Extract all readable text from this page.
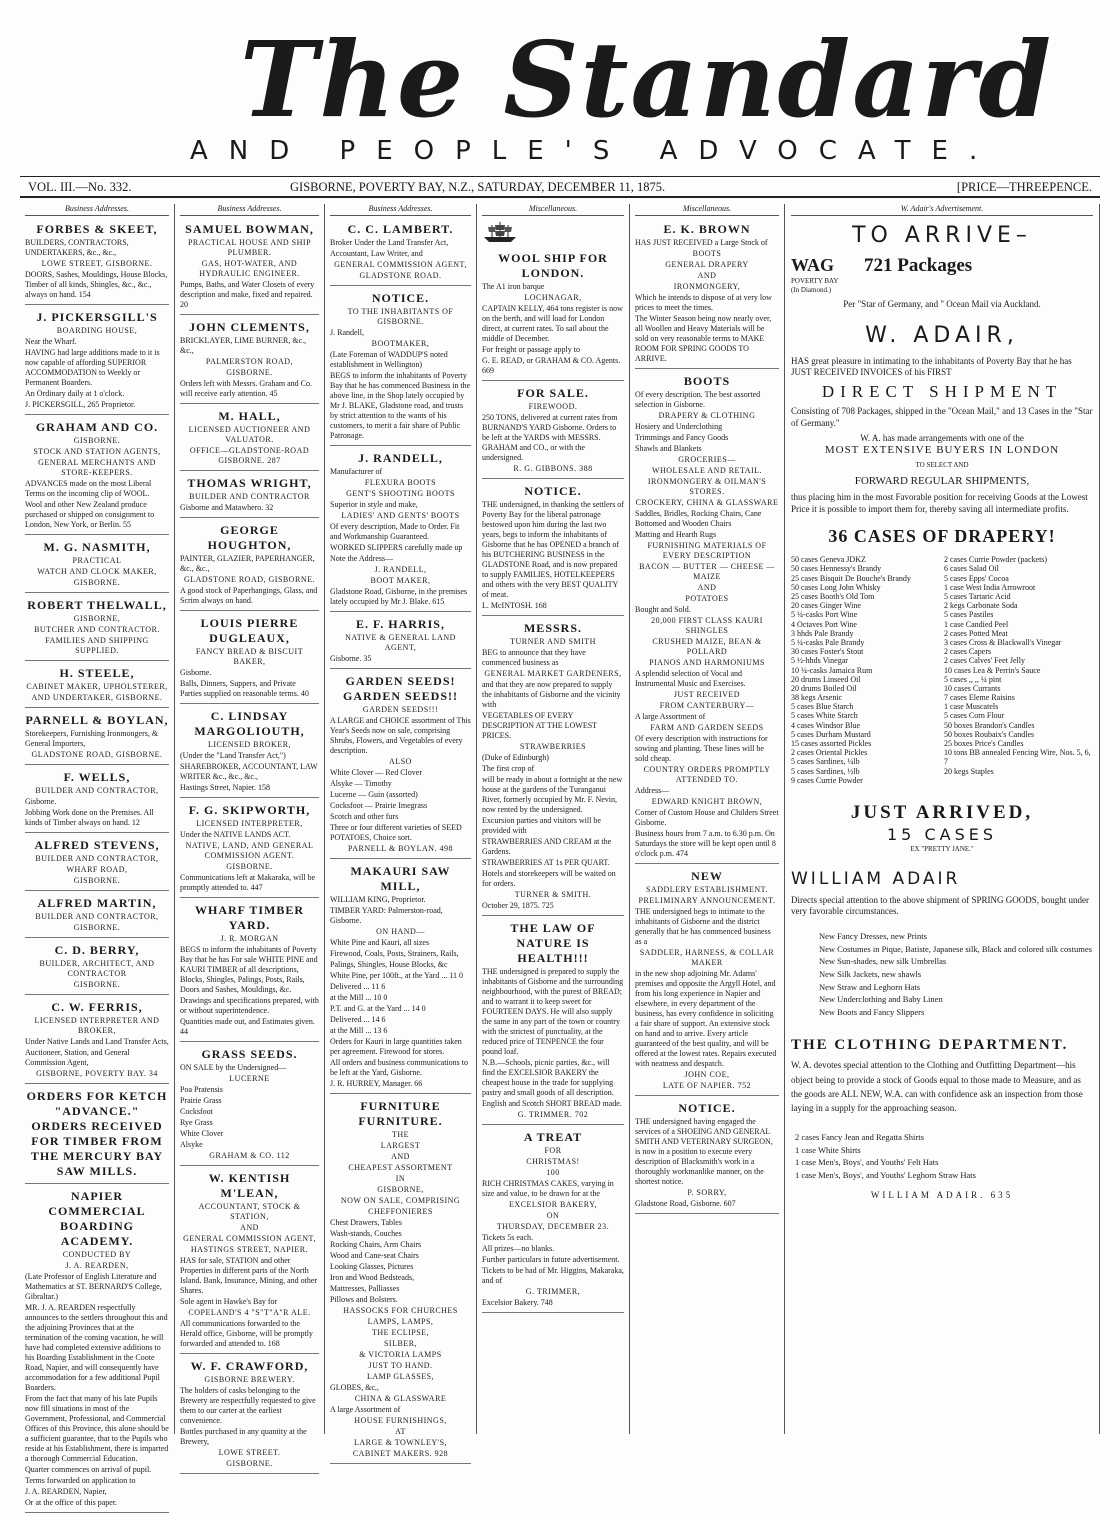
The Standard
AND PEOPLE'S ADVOCATE.
VOL. III.—No. 332.	GISBORNE, POVERTY BAY, N.Z., SATURDAY, DECEMBER 11, 1875.	[PRICE—THREEPENCE.
Business Addresses.

FORBES & SKEET,

BUILDERS, CONTRACTORS, UNDERTAKERS, &c., &c.,

LOWE STREET, GISBORNE.

DOORS, Sashes, Mouldings, House Blocks, Timber of all kinds, Shingles, &c., &c., always on hand. 154

J. PICKERSGILL'S

BOARDING HOUSE,

Near the Wharf.

HAVING had large additions made to it is now capable of affording SUPERIOR ACCOMMODATION to Weekly or Permanent Boarders.

An Ordinary daily at 1 o'clock.

J. PICKERSGILL, 265 Proprietor.

GRAHAM AND CO.

GISBORNE.

STOCK AND STATION AGENTS,

GENERAL MERCHANTS AND STORE-KEEPERS.

ADVANCES made on the most Liberal Terms on the incoming clip of WOOL.

Wool and other New Zealand produce purchased or shipped on consignment to London, New York, or Berlin. 55

M. G. NASMITH,

PRACTICAL

WATCH AND CLOCK MAKER,

GISBORNE.

ROBERT THELWALL,

GISBORNE,

BUTCHER AND CONTRACTOR.

FAMILIES AND SHIPPING SUPPLIED.

H. STEELE,

CABINET MAKER, UPHOLSTERER,

AND UNDERTAKER, GISBORNE.

PARNELL & BOYLAN,

Storekeepers, Furnishing Ironmongers, & General Importers,

GLADSTONE ROAD, GISBORNE.

F. WELLS,

BUILDER AND CONTRACTOR,

Gisborne.

Jobbing Work done on the Premises. All kinds of Timber always on hand. 12

ALFRED STEVENS,

BUILDER AND CONTRACTOR,

WHARF ROAD,

GISBORNE.

ALFRED MARTIN,

BUILDER AND CONTRACTOR,

GISBORNE.

C. D. BERRY,

BUILDER, ARCHITECT, AND CONTRACTOR

GISBORNE.

C. W. FERRIS,

LICENSED INTERPRETER AND BROKER,

Under Native Lands and Land Transfer Acts,

Auctioneer, Station, and General Commission Agent,

GISBORNE, POVERTY BAY. 34

ORDERS FOR KETCH "ADVANCE." ORDERS RECEIVED FOR TIMBER FROM THE MERCURY BAY SAW MILLS.

NAPIER COMMERCIAL BOARDING ACADEMY.

CONDUCTED BY

J. A. REARDEN,

(Late Professor of English Literature and Mathematics at ST. BERNARD'S College, Gibraltar.)

MR. J. A. REARDEN respectfully announces to the settlers throughout this and the adjoining Provinces that at the termination of the coming vacation, he will have had completed extensive additions to his Boarding Establishment in the Coote Road, Napier, and will consequently have accommodation for a few additional Pupil Boarders.

From the fact that many of his late Pupils now fill situations in most of the Government, Professional, and Commercial Offices of this Province, this alone should be a sufficient guarantee, that to the Pupils who reside at his Establishment, there is imparted a thorough Commercial Education.

Quarter commences on arrival of pupil.

Terms forwarded on application to

J. A. REARDEN, Napier,

Or at the office of this paper.

Business Addresses.

SAMUEL BOWMAN,

PRACTICAL HOUSE AND SHIP PLUMBER.

GAS, HOT-WATER, AND HYDRAULIC ENGINEER.

Pumps, Baths, and Water Closets of every description and make, fixed and repaired. 20

JOHN CLEMENTS,

BRICKLAYER, LIME BURNER, &c., &c.,

PALMERSTON ROAD,

GISBORNE.

Orders left with Messrs. Graham and Co. will receive early attention. 45

M. HALL,

LICENSED AUCTIONEER AND VALUATOR.

OFFICE—GLADSTONE-ROAD GISBORNE. 287

THOMAS WRIGHT,

BUILDER AND CONTRACTOR

Gisborne and Matawhero. 32

GEORGE HOUGHTON,

PAINTER, GLAZIER, PAPERHANGER, &c., &c.,

GLADSTONE ROAD, GISBORNE.

A good stock of Paperhangings, Glass, and Scrim always on hand.

LOUIS PIERRE DUGLEAUX,

FANCY BREAD & BISCUIT BAKER,

Gisborne.

Balls, Dinners, Suppers, and Private Parties supplied on reasonable terms. 40

C. LINDSAY MARGOLIOUTH,

LICENSED BROKER,

(Under the "Land Transfer Act,")

SHAREBROKER, ACCOUNTANT, LAW WRITER &c., &c., &c.,

Hastings Street, Napier. 158

F. G. SKIPWORTH,

LICENSED INTERPRETER,

Under the NATIVE LANDS ACT.

NATIVE, LAND, AND GENERAL COMMISSION AGENT.

GISBORNE.

Communications left at Makaraka, will be promptly attended to. 447

WHARF TIMBER YARD.

J. R. MORGAN

BEGS to inform the inhabitants of Poverty Bay that he has For sale WHITE PINE and KAURI TIMBER of all descriptions, Blocks, Shingles, Palings, Posts, Rails, Doors and Sashes, Mouldings, &c.

Drawings and specifications prepared, with or without superintendence.

Quantities made out, and Estimates given. 44

GRASS SEEDS.

ON SALE by the Undersigned—

LUCERNE

Poa Pratensis

Prairie Grass

Cocksfoot

Rye Grass

White Clover

Alsyke

GRAHAM & CO. 112

W. KENTISH M'LEAN,

ACCOUNTANT, STOCK & STATION,

AND

GENERAL COMMISSION AGENT,

HASTINGS STREET, NAPIER.

HAS for sale, STATION and other Properties in different parts of the North Island. Bank, Insurance, Mining, and other Shares.

Sole agent in Hawke's Bay for

COPELAND'S 4 "S"T"A"R ALE.

All communications forwarded to the Herald office, Gisborne, will be promptly forwarded and attended to. 168

W. F. CRAWFORD,

GISBORNE BREWERY.

The holders of casks belonging to the Brewery are respectfully requested to give them to our carter at the earliest convenience.

Bottles purchased in any quantity at the Brewery,

LOWE STREET.

GISBORNE.

Business Addresses.

C. C. LAMBERT.

Broker Under the Land Transfer Act,

Accountant, Law Writer, and

GENERAL COMMISSION AGENT,

GLADSTONE ROAD.

NOTICE.

TO THE INHABITANTS OF GISBORNE.

J. Randell,

BOOTMAKER,

(Late Foreman of WADDUP'S noted establishment in Wellington)

BEGS to inform the inhabitants of Poverty Bay that he has commenced Business in the above line, in the Shop lately occupied by Mr J. BLAKE, Gladstone road, and trusts by strict attention to the wants of his customers, to merit a fair share of Public Patronage.

J. RANDELL,

Manufacturer of

FLEXURA BOOTS

GENT'S SHOOTING BOOTS

Superior in style and make,

LADIES' AND GENTS' BOOTS

Of every description, Made to Order. Fit and Workmanship Guaranteed.

WORKED SLIPPERS carefully made up

Note the Address—

J. RANDELL,

BOOT MAKER,

Gladstone Road, Gisborne, in the premises lately occupied by Mr J. Blake. 615

E. F. HARRIS,

NATIVE & GENERAL LAND AGENT,

Gisborne. 35

GARDEN SEEDS! GARDEN SEEDS!!

GARDEN SEEDS!!!

A LARGE and CHOICE assortment of This Year's Seeds now on sale, comprising Shrubs, Flowers, and Vegetables of every description.

ALSO

White Clover — Red Clover

Alsyke — Timothy

Lucerne — Guin (assorted)

Cocksfoot — Prairie Imegrass

Scotch and other furs

Three or four different varieties of SEED POTATOES, Choice sort.

PARNELL & BOYLAN. 498

MAKAURI SAW MILL,

WILLIAM KING, Proprietor.

TIMBER YARD: Palmerston-road, Gisborne.

ON HAND—

White Pine and Kauri, all sizes

Firewood, Coals, Posts, Strainers, Rails,

Palings, Shingles, House Blocks, &c

White Pine, per 100ft., at the Yard ... 11 0

Delivered ... 11 6

at the Mill ... 10 0

P.T. and G. at the Yard ... 14 0

Delivered ... 14 6

at the Mill ... 13 6

Orders for Kauri in large quantities taken per agreement. Firewood for stores.

All orders and business communications to be left at the Yard, Gisborne.

J. R. HURREY, Manager. 66

FURNITURE FURNITURE.

THE

LARGEST

AND

CHEAPEST ASSORTMENT

IN

GISBORNE,

NOW ON SALE, COMPRISING

CHEFFONIERES

Chest Drawers, Tables

Wash-stands, Couches

Rocking Chairs, Arm Chairs

Wood and Cane-seat Chairs

Looking Glasses, Pictures

Iron and Wood Bedsteads,

Mattresses, Palliasses

Pillows and Bolsters.

HASSOCKS FOR CHURCHES

LAMPS, LAMPS,

THE ECLIPSE,

SILBER,

& VICTORIA LAMPS

JUST TO HAND.

LAMP GLASSES,

GLOBES, &c.,

CHINA & GLASSWARE

A large Assortment of

HOUSE FURNISHINGS,

AT

LARGE & TOWNLEY'S,

CABINET MAKERS. 928

Miscellaneous.

WOOL SHIP FOR LONDON.

The A1 iron barque

LOCHNAGAR,

CAPTAIN KELLY, 464 tons register is now on the berth, and will load for London direct, at current rates. To sail about the middle of December.

For freight or passage apply to

G. E. READ, or GRAHAM & CO. Agents. 669

FOR SALE.

FIREWOOD.

250 TONS, delivered at current rates from BURNAND'S YARD Gisborne. Orders to be left at the YARDS with MESSRS. GRAHAM and CO., or with the undersigned.

R. G. GIBBONS. 388

NOTICE.

THE undersigned, in thanking the settlers of Poverty Bay for the liberal patronage bestowed upon him during the last two years, begs to inform the inhabitants of Gisborne that he has OPENED a branch of his BUTCHERING BUSINESS in the GLADSTONE Road, and is now prepared to supply FAMILIES, HOTELKEEPERS and others with the very BEST QUALITY of meat.

L. McINTOSH. 168

MESSRS.

TURNER AND SMITH

BEG to announce that they have commenced business as

GENERAL MARKET GARDENERS,

and that they are now prepared to supply the inhabitants of Gisborne and the vicinity with

VEGETABLES OF EVERY DESCRIPTION AT THE LOWEST PRICES.

STRAWBERRIES

(Duke of Edinburgh)

The first crop of

will be ready in about a fortnight at the new house at the gardens of the Turanganui River, formerly occupied by Mr. F. Nevin, now rented by the undersigned.

Excursion parties and visitors will be provided with

STRAWBERRIES AND CREAM at the Gardens.

STRAWBERRIES AT 1s PER QUART.

Hotels and storekeepers will be waited on for orders.

TURNER & SMITH.

October 29, 1875. 725

THE LAW OF NATURE IS HEALTH!!!

THE undersigned is prepared to supply the inhabitants of Gisborne and the surrounding neighbourhood, with the purest of BREAD; and to warrant it to keep sweet for FOURTEEN DAYS. He will also supply the same in any part of the town or country with the strictest of punctuality, at the reduced price of TENPENCE the four pound loaf.

N.B.—Schools, picnic parties, &c., will find the EXCELSIOR BAKERY the cheapest house in the trade for supplying pastry and small goods of all description.

English and Scotch SHORT BREAD made.

G. TRIMMER. 702

A TREAT

FOR

CHRISTMAS!

100

RICH CHRISTMAS CAKES, varying in size and value, to be drawn for at the

EXCELSIOR BAKERY,

ON

THURSDAY, DECEMBER 23.

Tickets 5s each.

All prizes—no blanks.

Further particulars in future advertisement.

Tickets to be had of Mr. Higgins, Makaraka, and of

G. TRIMMER,

Excelsior Bakery. 748

Miscellaneous.

E. K. BROWN

HAS JUST RECEIVED a Large Stock of

BOOTS

GENERAL DRAPERY

AND

IRONMONGERY,

Which he intends to dispose of at very low prices to meet the times.

The Winter Season being now nearly over, all Woollen and Heavy Materials will be sold on very reasonable terms to MAKE ROOM FOR SPRING GOODS TO ARRIVE.

BOOTS

Of every description. The best assorted selection in Gisborne.

DRAPERY & CLOTHING

Hosiery and Underclothing

Trimmings and Fancy Goods

Shawls and Blankets

GROCERIES—

WHOLESALE AND RETAIL.

IRONMONGERY & OILMAN'S STORES.

CROCKERY, CHINA & GLASSWARE

Saddles, Bridles, Rocking Chairs, Cane Bottomed and Wooden Chairs

Matting and Hearth Rugs

FURNISHING MATERIALS OF EVERY DESCRIPTION

BACON — BUTTER — CHEESE — MAIZE

AND

POTATOES

Bought and Sold.

20,000 FIRST CLASS KAURI SHINGLES

CRUSHED MAIZE, BEAN & POLLARD

PIANOS AND HARMONIUMS

A splendid selection of Vocal and Instrumental Music and Exercises.

JUST RECEIVED

FROM CANTERBURY—

A large Assortment of

FARM AND GARDEN SEEDS

Of every description with instructions for sowing and planting. These lines will be sold cheap.

COUNTRY ORDERS PROMPTLY ATTENDED TO.

Address—

EDWARD KNIGHT BROWN,

Corner of Custom House and Childers Street Gisborne.

Business hours from 7 a.m. to 6.30 p.m. On Saturdays the store will be kept open until 8 o'clock p.m. 474

NEW

SADDLERY ESTABLISHMENT.

PRELIMINARY ANNOUNCEMENT.

THE undersigned begs to intimate to the inhabitants of Gisborne and the district generally that he has commenced business as a

SADDLER, HARNESS, & COLLAR MAKER

in the new shop adjoining Mr. Adams' premises and opposite the Argyll Hotel, and from his long experience in Napier and elsewhere, in every department of the business, has every confidence in soliciting a fair share of support. An extensive stock on hand and to arrive. Every article guaranteed of the best quality, and will be offered at the lowest rates. Repairs executed with neatness and despatch.

JOHN COE,

LATE OF NAPIER. 752

NOTICE.

THE undersigned having engaged the services of a SHOEING AND GENERAL SMITH AND VETERINARY SURGEON, is now in a position to execute every description of Blacksmith's work in a thoroughly workmanlike manner, on the shortest notice.

P. SORRY,

Gladstone Road, Gisborne. 607

W. Adair's Advertisement.
TO ARRIVE–
WAG 721 Packages
POVERTY BAY
(In Diamond.)
Per "Star of Germany, and " Ocean Mail via Auckland.
W. ADAIR,

HAS great pleasure in intimating to the inhabitants of Poverty Bay that he has JUST RECEIVED INVOICES of his FIRST

DIRECT SHIPMENT

Consisting of 708 Packages, shipped in the "Ocean Mail," and 13 Cases in the "Star of Germany."

W. A. has made arrangements with one of the

MOST EXTENSIVE BUYERS IN LONDON

TO SELECT AND

FORWARD REGULAR SHIPMENTS,

thus placing him in the most Favorable position for receiving Goods at the Lowest Price it is possible to import them for, thereby saving all intermediate profits.

36 CASES OF DRAPERY!
50 cases Geneva JDKZ
50 cases Hennessy's Brandy
25 cases Bisquit De Bouche's Brandy
50 cases Long John Whisky
25 cases Booth's Old Tom
20 cases Ginger Wine
5 ¼-casks Port Wine
4 Octaves Port Wine
3 hhds Pale Brandy
5 ¼-casks Pale Brandy
30 cases Foster's Stout
5 ½-hhds Vinegar
10 ¼-casks Jamaica Rum
20 drums Linseed Oil
20 drums Boiled Oil
38 kegs Arsenic
5 cases Blue Starch
5 cases White Starch
4 cases Windsor Blue
5 cases Durham Mustard
15 cases assorted Pickles
2 cases Oriental Pickles
5 cases Sardines, ¼lb
5 cases Sardines, ½lb
9 cases Currie Powder
2 cases Currie Powder (packets)
6 cases Salad Oil
5 cases Epps' Cocoa
1 case West India Arrowroot
5 cases Tartaric Acid
2 kegs Carbonate Soda
5 cases Pastiles
1 case Candied Peel
2 cases Potted Meat
3 cases Cross & Blackwall's Vinegar
2 cases Capers
2 cases Calves' Feet Jelly
10 cases Lea & Perrin's Sauce
5 cases ,, ,, ¼ pint
10 cases Currants
7 cases Eleme Raisins
1 case Muscatels
5 cases Corn Flour
50 boxes Brandon's Candles
50 boxes Roubaix's Candles
25 boxes Price's Candles
10 tons BB annealed Fencing Wire, Nos. 5, 6, 7
20 kegs Staples
JUST ARRIVED,
15 CASES
EX "PRETTY JANE."
WILLIAM ADAIR

Directs special attention to the above shipment of SPRING GOODS, bought under very favorable circumstances.

New Fancy Dresses, new Prints
New Costumes in Pique, Batiste, Japanese silk, Black and colored silk costumes
New Sun-shades, new silk Umbrellas
New Silk Jackets, new shawls
New Straw and Leghorn Hats
New Underclothing and Baby Linen
New Boots and Fancy Slippers
THE CLOTHING DEPARTMENT.

W. A. devotes special attention to the Clothing and Outfitting Department—his object being to provide a stock of Goods equal to those made to Measure, and as the goods are ALL NEW, W.A. can with confidence ask an inspection from those laying in a supply for the approaching season.

2 cases Fancy Jean and Regatta Shirts
1 case White Shirts
1 case Men's, Boys', and Youths' Felt Hats
1 case Men's, Boys', and Youths' Leghorn Straw Hats
WILLIAM ADAIR. 635
